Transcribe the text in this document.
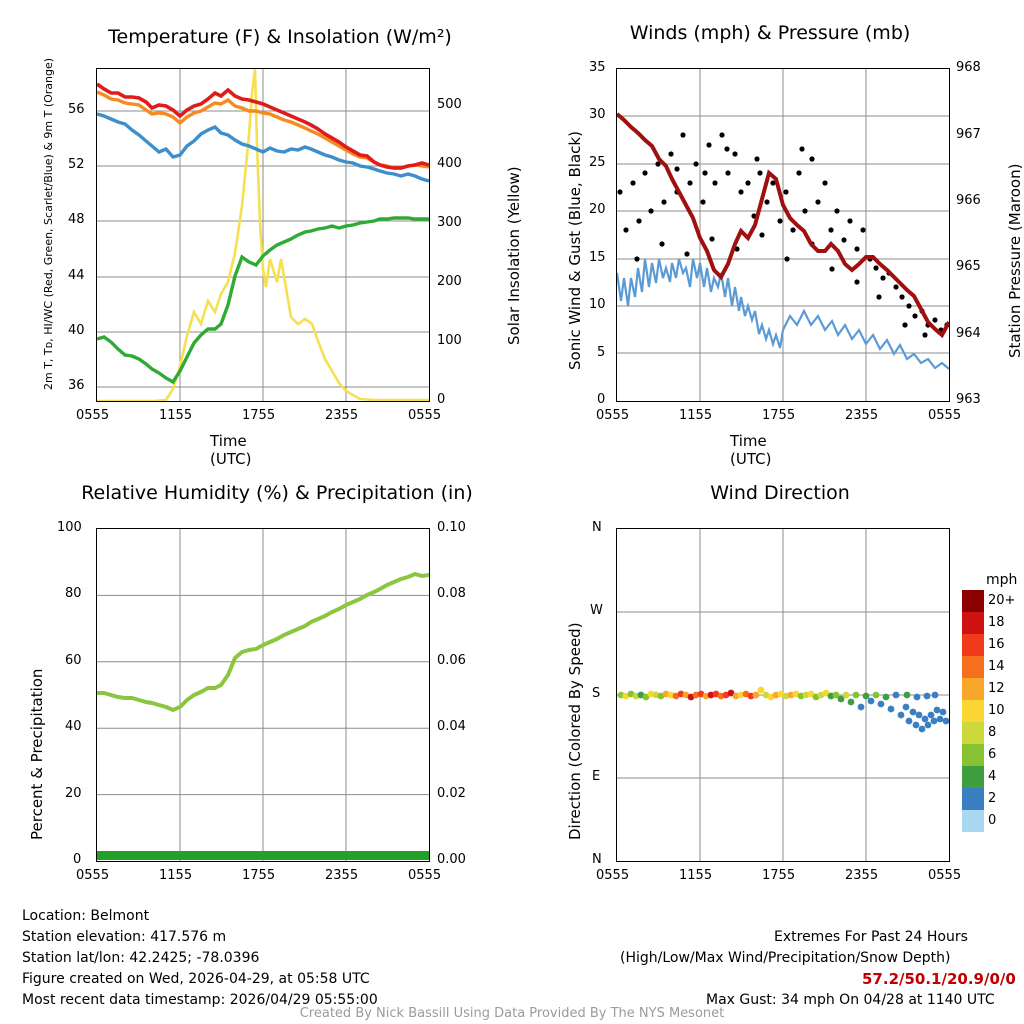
Temperature (F) & Insolation (W/m²)
2m T, Tᴅ, HI/WC (Red, Green, Scarlet/Blue) & 9m T (Orange)	Solar Insolation (Yellow)
36
40
44
48
52
56
0
100
200
300
400
500
0555	1155	1755	2355	0555
Time (UTC)
Winds (mph) & Pressure (mb)
Sonic Wind & Gust (Blue, Black)	Station Pressure (Maroon)
0
5
10
15
20
25
30
35
963
964
965
966
967
968
0555	1155	1755	2355	0555
Time (UTC)
Relative Humidity (%) & Precipitation (in)
Percent & Precipitation
0
20
40
60
80
100
0.00
0.02
0.04
0.06
0.08
0.10
0555	1155	1755	2355	0555
Wind Direction
Direction (Colored By Speed)
N
W
S
E
N
0555	1155	1755	2355	0555
mph
20+
18
16
14
12
10
8
6
4
2
0
Location: Belmont
Station elevation: 417.576 m
Station lat/lon: 42.2425; -78.0396
Figure created on Wed, 2026-04-29, at 05:58 UTC
Most recent data timestamp: 2026/04/29 05:55:00
Extremes For Past 24 Hours
(High/Low/Max Wind/Precipitation/Snow Depth)
57.2/50.1/20.9/0/0
Max Gust: 34 mph On 04/28 at 1140 UTC
Created By Nick Bassill Using Data Provided By The NYS Mesonet
